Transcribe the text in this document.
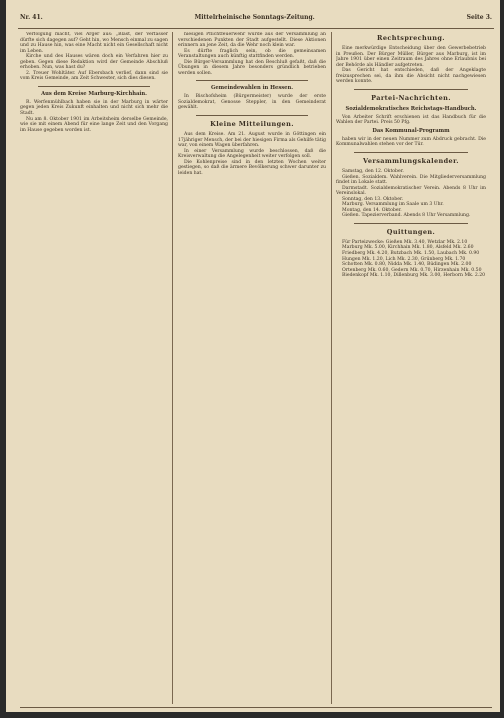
Nr. 41.	Mittelrheinische Sonntags-Zeitung.	Seite 3.

Verfolgung macht, viel Ärger aus: „Blast, der Verfasser dürfte sich dagegen auf? Geht hin, wo Mensch einmal zu sagen und zu Hause hin, was eine Macht nicht ein Gesellschaft nicht im Leben.

Kirche und des Hauses wären doch ein Verfahren hier zu geben. Gegen diese Redaktion wird der Gemeinde Abschluß erhoben. Nun, was hast du?

2. Treuer Wohltäter. Auf Ebersbach verlief, dann sind sie vom Kreis Gemeinde, am Zeit Schwester, sich dies diesen.

Aus dem Kreise Marburg-Kirchhain.

R. Werfenmühlbach haben sie in der Marburg in wärter gegen jeden Kreis Zukunft einhalten und nicht sich mehr die Stadt.

Nu am 8. Oktober 1901 im Arbeitsheim derselbe Gemeinde, wie sie mit einem Abend für eine lange Zeit und den Vorgang im Hause gegeben worden ist.

hiesigen Pflichtfeuerwehr wurde aus der Versammlung an verschiedenen Punkten der Stadt aufgestellt. Diese Aktionen erinnern an jene Zeit, da die Wehr noch klein war.

Es dürfte fraglich sein, ob die gemeinsamen Veranstaltungen auch künftig stattfinden werden.

Die Bürger-Versammlung hat den Beschluß gefaßt, daß die Übungen in diesem Jahre besonders gründlich betrieben werden sollen.

Gemeindewahlen in Hessen.

In Bischofsheim (Bürgermeister) wurde der erste Sozialdemokrat, Genosse Steppler, in den Gemeinderat gewählt.

Kleine Mitteilungen.

Aus dem Kreise. Am 21. August wurde in Göttingen ein 17jähriger Mensch, der bei der hiesigen Firma als Gehilfe tätig war, von einem Wagen überfahren.

In einer Versammlung wurde beschlossen, daß die Kreisverwaltung die Angelegenheit weiter verfolgen soll.

Die Kohlenpreise sind in den letzten Wochen weiter gestiegen, so daß die ärmere Bevölkerung schwer darunter zu leiden hat.

Rechtsprechung.

Eine merkwürdige Entscheidung über den Gewerbebetrieb in Preußen. Der Bürger Müller, Bürger aus Marburg, ist im Jahre 1901 über einen Zeitraum des Jahres ohne Erlaubnis bei der Behörde als Händler aufgetreten.

Das Gericht hat entschieden, daß der Angeklagte freizusprechen sei, da ihm die Absicht nicht nachgewiesen werden konnte.

Partei-Nachrichten.
Sozialdemokratisches Reichstags-Handbuch.

Von Arbeiter Schrift erschienen ist das Handbuch für die Wahlen der Partei. Preis 50 Pfg.

Das Kommunal-Programm

haben wir in der neuen Nummer zum Abdruck gebracht. Die Kommunalwahlen stehen vor der Tür.

Versammlungskalender.

Samstag, den 12. Oktober.

Gießen. Sozialdem. Wahlverein. Die Mitgliederversammlung findet im Lokale statt.

Darmstadt. Sozialdemokratischer Verein. Abends 8 Uhr im Vereinslokal.

Sonntag, den 13. Oktober.

Marburg. Versammlung im Saale um 3 Uhr.

Montag, den 14. Oktober.

Gießen. Tapezierverband. Abends 8 Uhr Versammlung.

Quittungen.

Für Parteizwecke: Gießen Mk. 3.40, Wetzlar Mk. 2.10

Marburg Mk. 5.00, Kirchhain Mk. 1.80, Alsfeld Mk. 2.60

Friedberg Mk. 4.20, Butzbach Mk. 1.50, Laubach Mk. 0.90

Hungen Mk. 1.20, Lich Mk. 2.30, Grünberg Mk. 1.70

Schotten Mk. 0.80, Nidda Mk. 1.40, Büdingen Mk. 2.00

Ortenberg Mk. 0.60, Gedern Mk. 0.70, Hirzenhain Mk. 0.50

Biedenkopf Mk. 1.10, Dillenburg Mk. 3.00, Herborn Mk. 2.20
